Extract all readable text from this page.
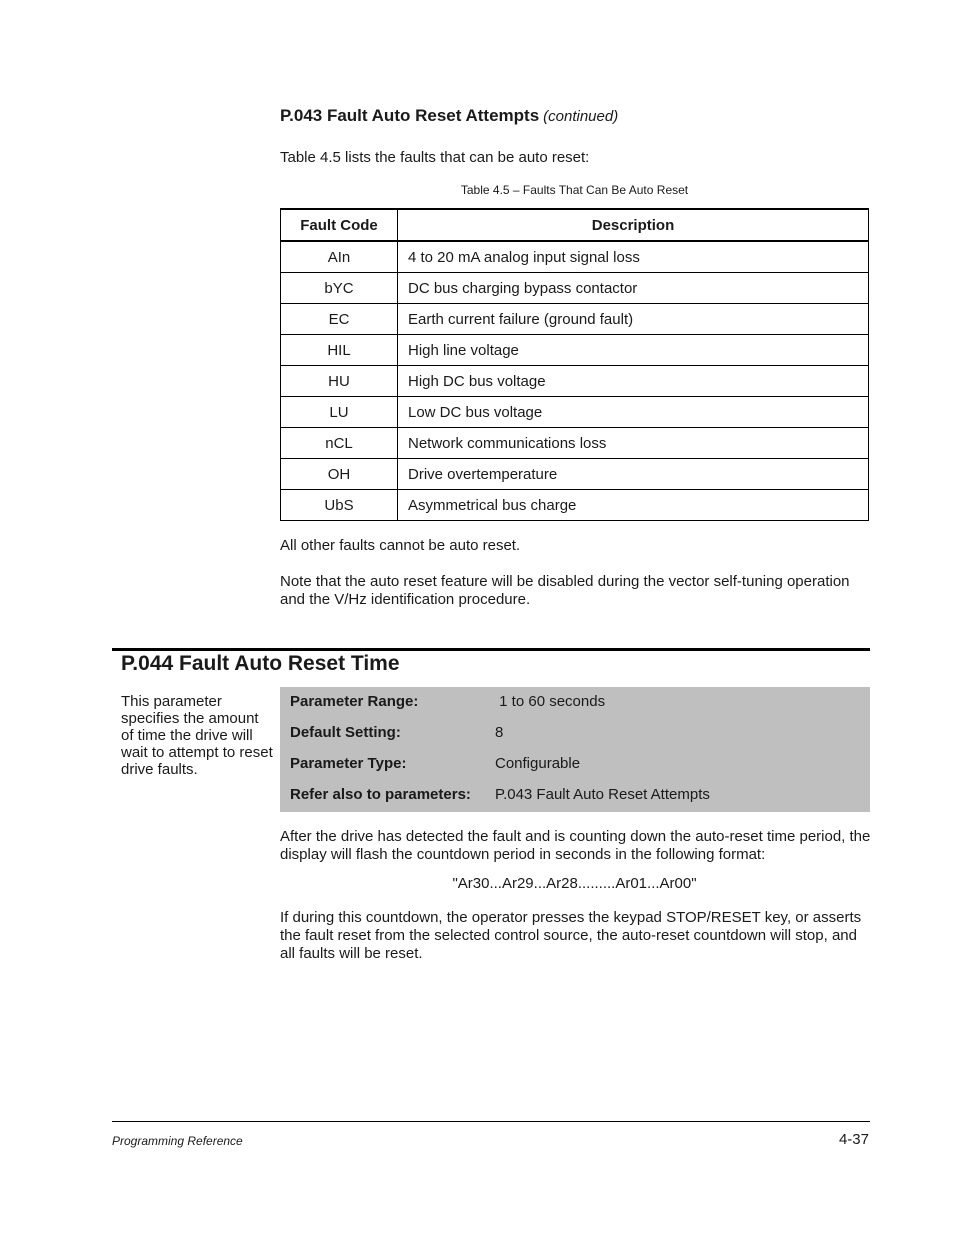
P.043 Fault Auto Reset Attempts (continued)
Table 4.5 lists the faults that can be auto reset:
Table 4.5 – Faults That Can Be Auto Reset
Fault Code	Description
AIn	4 to 20 mA analog input signal loss
bYC	DC bus charging bypass contactor
EC	Earth current failure (ground fault)
HIL	High line voltage
HU	High DC bus voltage
LU	Low DC bus voltage
nCL	Network communications loss
OH	Drive overtemperature
UbS	Asymmetrical bus charge
All other faults cannot be auto reset.
Note that the auto reset feature will be disabled during the vector self-tuning operation and the V/Hz identification procedure.
P.044 Fault Auto Reset Time
This parameter specifies the amount of time the drive will wait to attempt to reset drive faults.
Parameter Range:	1 to 60 seconds
Default Setting:	8
Parameter Type:	Configurable
Refer also to parameters: P.043 Fault Auto Reset Attempts
After the drive has detected the fault and is counting down the auto-reset time period, the display will flash the countdown period in seconds in the following format:
"Ar30...Ar29...Ar28.........Ar01...Ar00"
If during this countdown, the operator presses the keypad STOP/RESET key, or asserts the fault reset from the selected control source, the auto-reset countdown will stop, and all faults will be reset.
Programming Reference	4-37
